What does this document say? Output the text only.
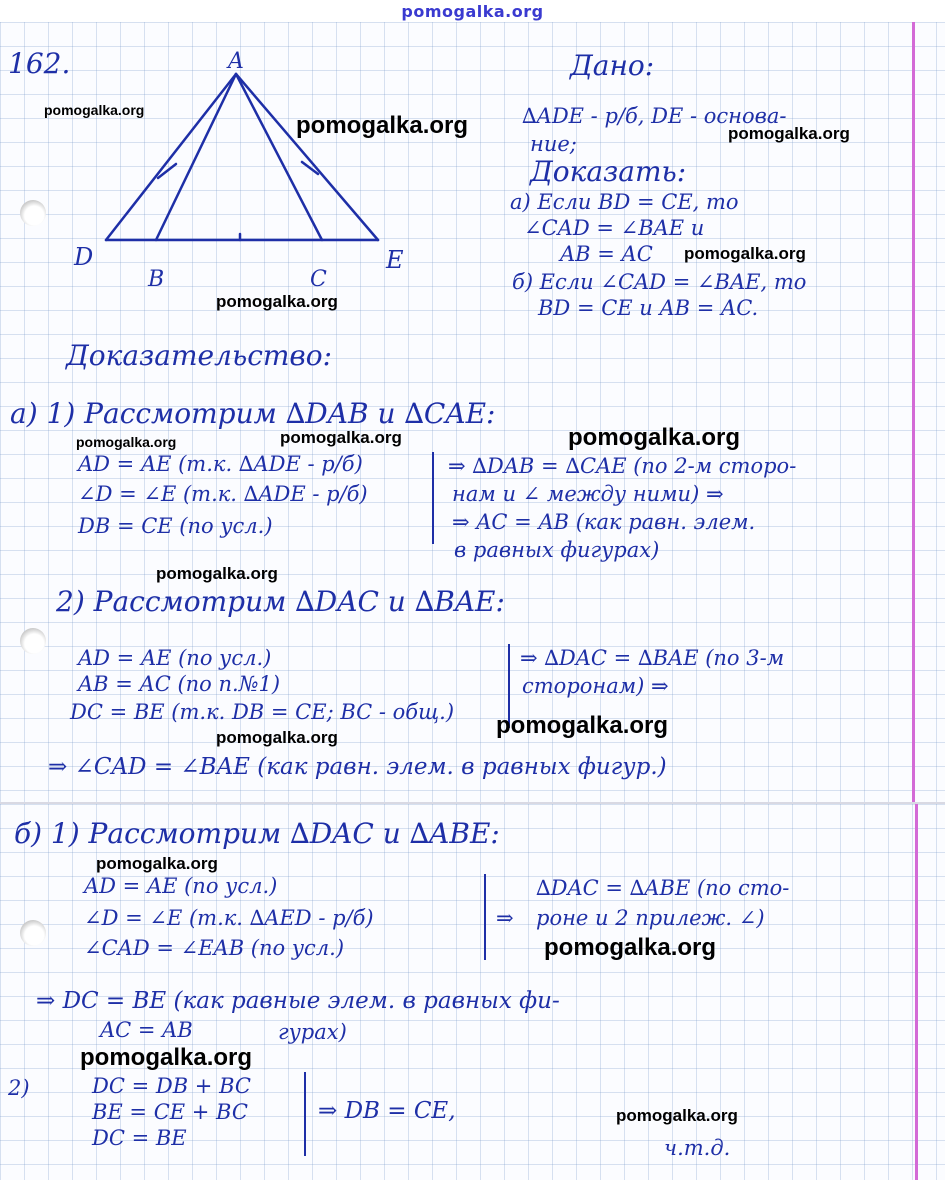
pomogalka.org
162.	A
D
B	C
E
Дано:
∆ADE - р/б, DE - основа-
ние;
Доказать:
а) Если BD = CE, то
∠CAD = ∠BAE и
AB = AC
б) Если ∠CAD = ∠BAE, то
BD = CE и AB = AC.
Доказательство:
а) 1) Рассмотрим ∆DAB и ∆CAE:
AD = AE (т.к. ∆ADE - р/б)
∠D = ∠E (т.к. ∆ADE - р/б)
DB = CE (по усл.)
⇒ ∆DAB = ∆CAE (по 2-м сторо-
нам и ∠ между ними) ⇒
⇒ AC = AB (как равн. элем.
в равных фигурах)
2) Рассмотрим ∆DAC и ∆BAE:
AD = AE (по усл.)
AB = AC (по п.№1)
DC = BE (т.к. DB = CE; BC - общ.)
⇒ ∆DAC = ∆BAE (по 3-м
сторонам) ⇒
⇒ ∠CAD = ∠BAE (как равн. элем. в равных фигур.)
pomogalka.org
pomogalka.org	pomogalka.org
pomogalka.org
pomogalka.org
pomogalka.org	pomogalka.org	pomogalka.org
pomogalka.org
pomogalka.org
pomogalka.org
б) 1) Рассмотрим ∆DAC и ∆ABE:
AD = AE (по усл.)
∠D = ∠E (т.к. ∆AED - р/б)
∠CAD = ∠EAB (по усл.)
∆DAC = ∆ABE (по сто-
⇒ роне и 2 прилеж. ∠)
⇒ DC = BE (как равные элем. в равных фи-
AC = AB	гурах)
2)	DC = DB + BC
BE = CE + BC
DC = BE
⇒ DB = CE,
ч.т.д.
pomogalka.org
pomogalka.org
pomogalka.org
pomogalka.org
